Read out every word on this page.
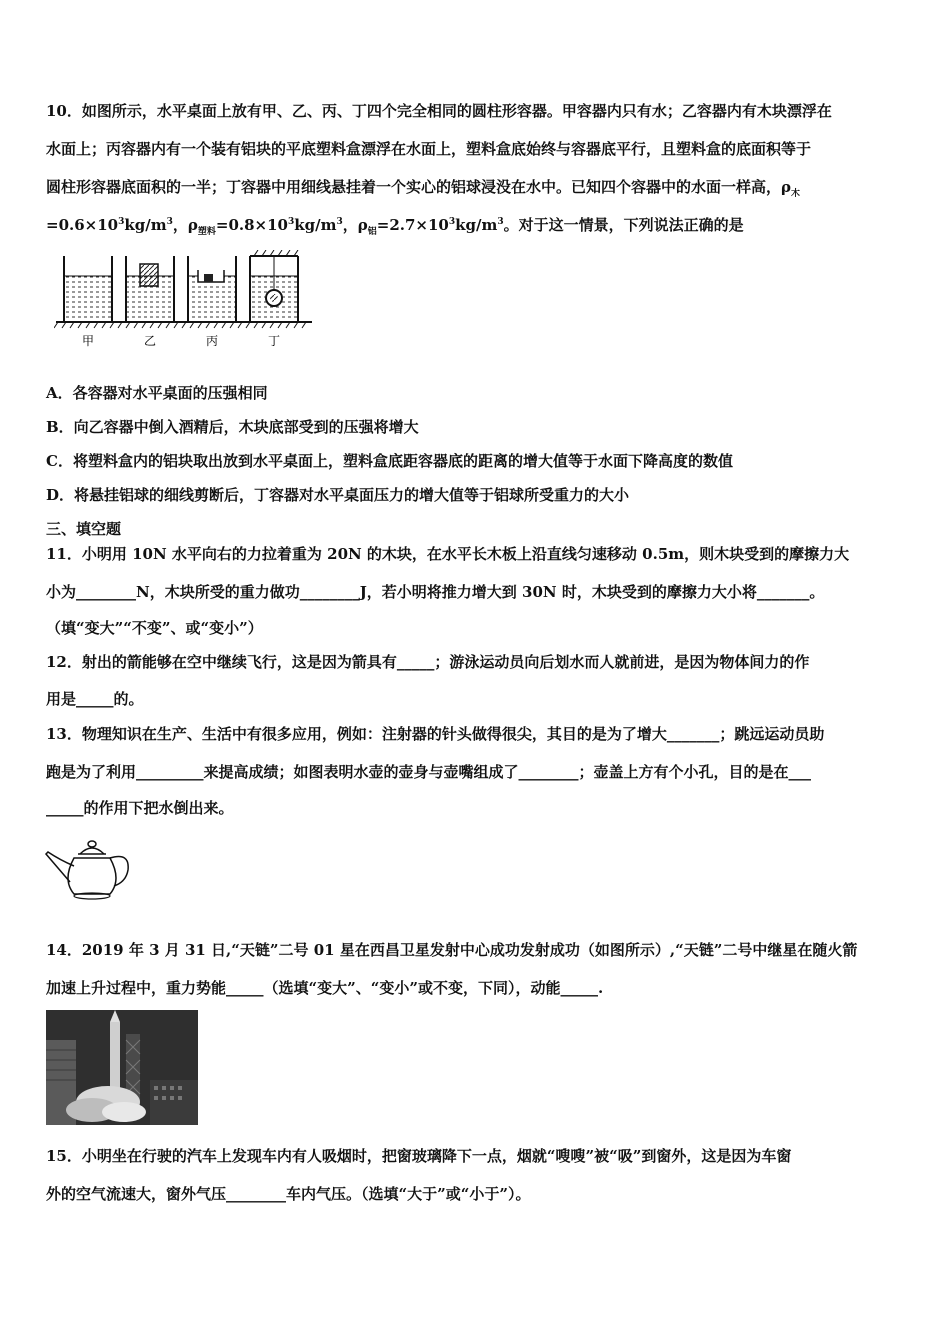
10．如图所示，水平桌面上放有甲、乙、丙、丁四个完全相同的圆柱形容器。甲容器内只有水；乙容器内有木块漂浮在
水面上；丙容器内有一个装有铝块的平底塑料盒漂浮在水面上，塑料盒底始终与容器底平行，且塑料盒的底面积等于
圆柱形容器底面积的一半；丁容器中用细线悬挂着一个实心的铝球浸没在水中。已知四个容器中的水面一样高，$\rho_木$
$=0.6\times 10^3kg/m^3$，$\rho_{塑料}=0.8\times 10^3kg/m^3$，$\rho_铝=2.7\times 10^3kg/m^3$。对于这一情景，下列说法正确的是
甲	乙	丙	丁
A．各容器对水平桌面的压强相同
B．向乙容器中倒入酒精后，木块底部受到的压强将增大
C．将塑料盒内的铝块取出放到水平桌面上，塑料盒底距容器底的距离的增大值等于水面下降高度的数值
D．将悬挂铝球的细线剪断后，丁容器对水平桌面压力的增大值等于铝球所受重力的大小
三、填空题
11．小明用 10N 水平向右的力拉着重为 20N 的木块，在水平长木板上沿直线匀速移动 0.5m，则木块受到的摩擦力大
小为________N，木块所受的重力做功________J，若小明将推力增大到 30N 时，木块受到的摩擦力大小将_______。
（填“变大”“不变”、或“变小”）
12．射出的箭能够在空中继续飞行，这是因为箭具有_____；游泳运动员向后划水而人就前进，是因为物体间力的作
用是_____的。
13．物理知识在生产、生活中有很多应用，例如：注射器的针头做得很尖，其目的是为了增大_______；跳远运动员助
跑是为了利用_________来提高成绩；如图表明水壶的壶身与壶嘴组成了________；壶盖上方有个小孔，目的是在___
_____的作用下把水倒出来。
14．2019 年 3 月 31 日,“天链”二号 01 星在西昌卫星发射中心成功发射成功（如图所示）,“天链”二号中继星在随火箭
加速上升过程中，重力势能_____（选填“变大”、“变小”或不变，下同），动能_____.
15．小明坐在行驶的汽车上发现车内有人吸烟时，把窗玻璃降下一点，烟就“嗖嗖”被“吸”到窗外，这是因为车窗
外的空气流速大，窗外气压________车内气压。（选填“大于”或“小于”）。
